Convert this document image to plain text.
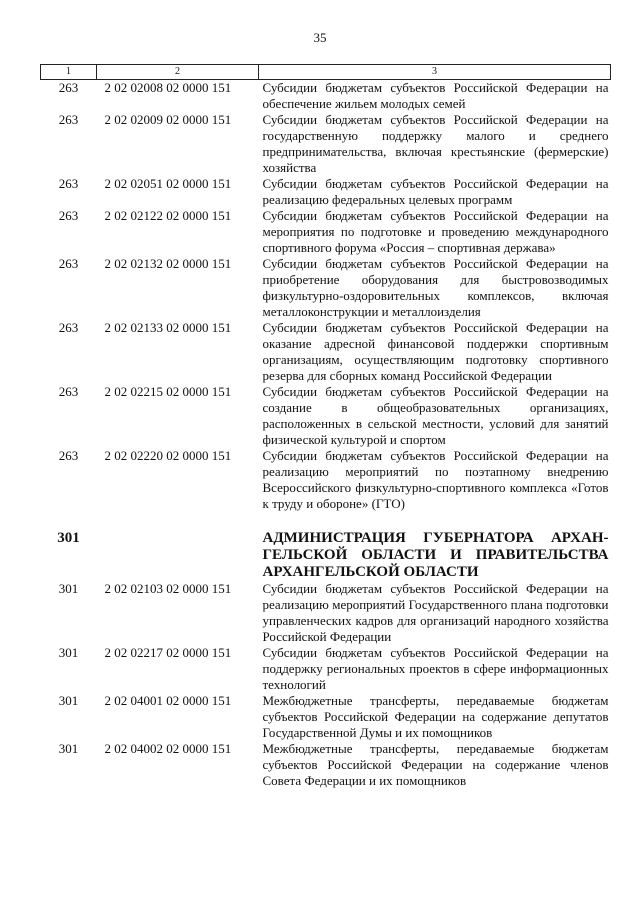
35
1	2	3
263	2 02 02008 02 0000 151	Субсидии бюджетам субъектов Российской Федерации на обеспечение жильем молодых семей
263	2 02 02009 02 0000 151	Субсидии бюджетам субъектов Российской Федерации на государственную поддержку малого и среднего предпринимательства, включая крестьянские (фермерские) хозяйства
263	2 02 02051 02 0000 151	Субсидии бюджетам субъектов Российской Федерации на реализацию федеральных целевых программ
263	2 02 02122 02 0000 151	Субсидии бюджетам субъектов Российской Федерации на мероприятия по подготовке и проведению международного спортивного форума «Россия – спортивная держава»
263	2 02 02132 02 0000 151	Субсидии бюджетам субъектов Российской Федерации на приобретение оборудования для быстровозводимых физкультурно-оздоровительных комплексов, включая металлоконструкции и металлоизделия
263	2 02 02133 02 0000 151	Субсидии бюджетам субъектов Российской Федерации на оказание адресной финансовой поддержки спортивным организациям, осуществляющим подготовку спортивного резерва для сборных команд Российской Федерации
263	2 02 02215 02 0000 151	Субсидии бюджетам субъектов Российской Федерации на создание в общеобразовательных организациях, расположенных в сельской местности, условий для занятий физической культурой и спортом
263	2 02 02220 02 0000 151	Субсидии бюджетам субъектов Российской Федерации на реализацию мероприятий по поэтапному внедрению Всероссийского физкультурно-спортивного комплекса «Готов к труду и обороне» (ГТО)

301		АДМИНИСТРАЦИЯ ГУБЕРНАТОРА АРХАН-ГЕЛЬСКОЙ ОБЛАСТИ И ПРАВИТЕЛЬСТВА АРХАНГЕЛЬСКОЙ ОБЛАСТИ
301	2 02 02103 02 0000 151	Субсидии бюджетам субъектов Российской Федерации на реализацию мероприятий Государственного плана подготовки управленческих кадров для организаций народного хозяйства Российской Федерации
301	2 02 02217 02 0000 151	Субсидии бюджетам субъектов Российской Федерации на поддержку региональных проектов в сфере информационных технологий
301	2 02 04001 02 0000 151	Межбюджетные трансферты, передаваемые бюджетам субъектов Российской Федерации на содержание депутатов Государственной Думы и их помощников
301	2 02 04002 02 0000 151	Межбюджетные трансферты, передаваемые бюджетам субъектов Российской Федерации на содержание членов Совета Федерации и их помощников
